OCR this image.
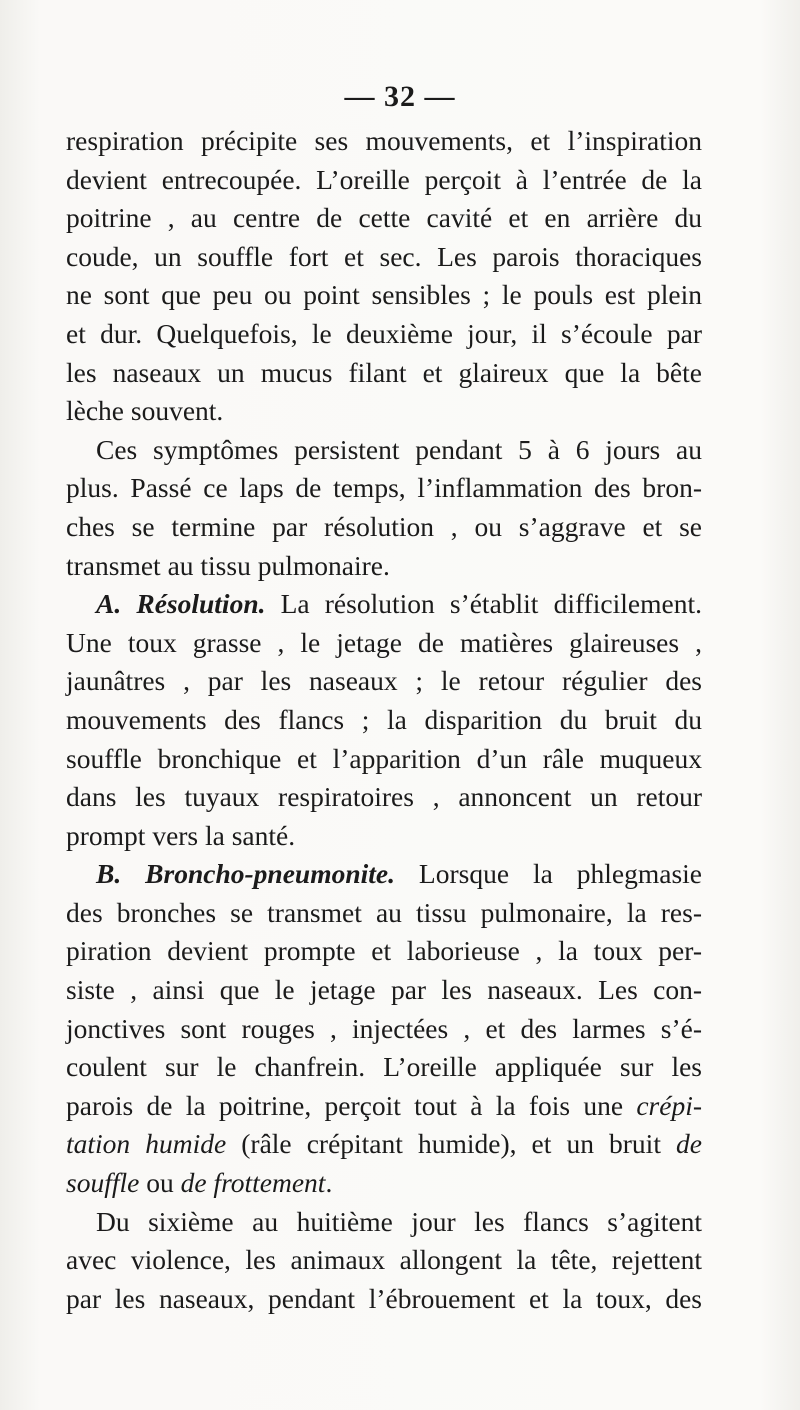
— 32 —
respiration précipite ses mouvements, et l’inspiration
devient entrecoupée. L’oreille perçoit à l’entrée de la
poitrine , au centre de cette cavité et en arrière du
coude, un souffle fort et sec. Les parois thoraciques
ne sont que peu ou point sensibles ; le pouls est plein
et dur. Quelquefois, le deuxième jour, il s’écoule par
les naseaux un mucus filant et glaireux que la bête
lèche souvent.
Ces symptômes persistent pendant 5 à 6 jours au
plus. Passé ce laps de temps, l’inflammation des bron-
ches se termine par résolution , ou s’aggrave et se
transmet au tissu pulmonaire.
A. Résolution. La résolution s’établit difficilement.
Une toux grasse , le jetage de matières glaireuses ,
jaunâtres , par les naseaux ; le retour régulier des
mouvements des flancs ; la disparition du bruit du
souffle bronchique et l’apparition d’un râle muqueux
dans les tuyaux respiratoires , annoncent un retour
prompt vers la santé.
B. Broncho-pneumonite. Lorsque la phlegmasie
des bronches se transmet au tissu pulmonaire, la res-
piration devient prompte et laborieuse , la toux per-
siste , ainsi que le jetage par les naseaux. Les con-
jonctives sont rouges , injectées , et des larmes s’é-
coulent sur le chanfrein. L’oreille appliquée sur les
parois de la poitrine, perçoit tout à la fois une crépi-
tation humide (râle crépitant humide), et un bruit de
souffle ou de frottement.
Du sixième au huitième jour les flancs s’agitent
avec violence, les animaux allongent la tête, rejettent
par les naseaux, pendant l’ébrouement et la toux, des
